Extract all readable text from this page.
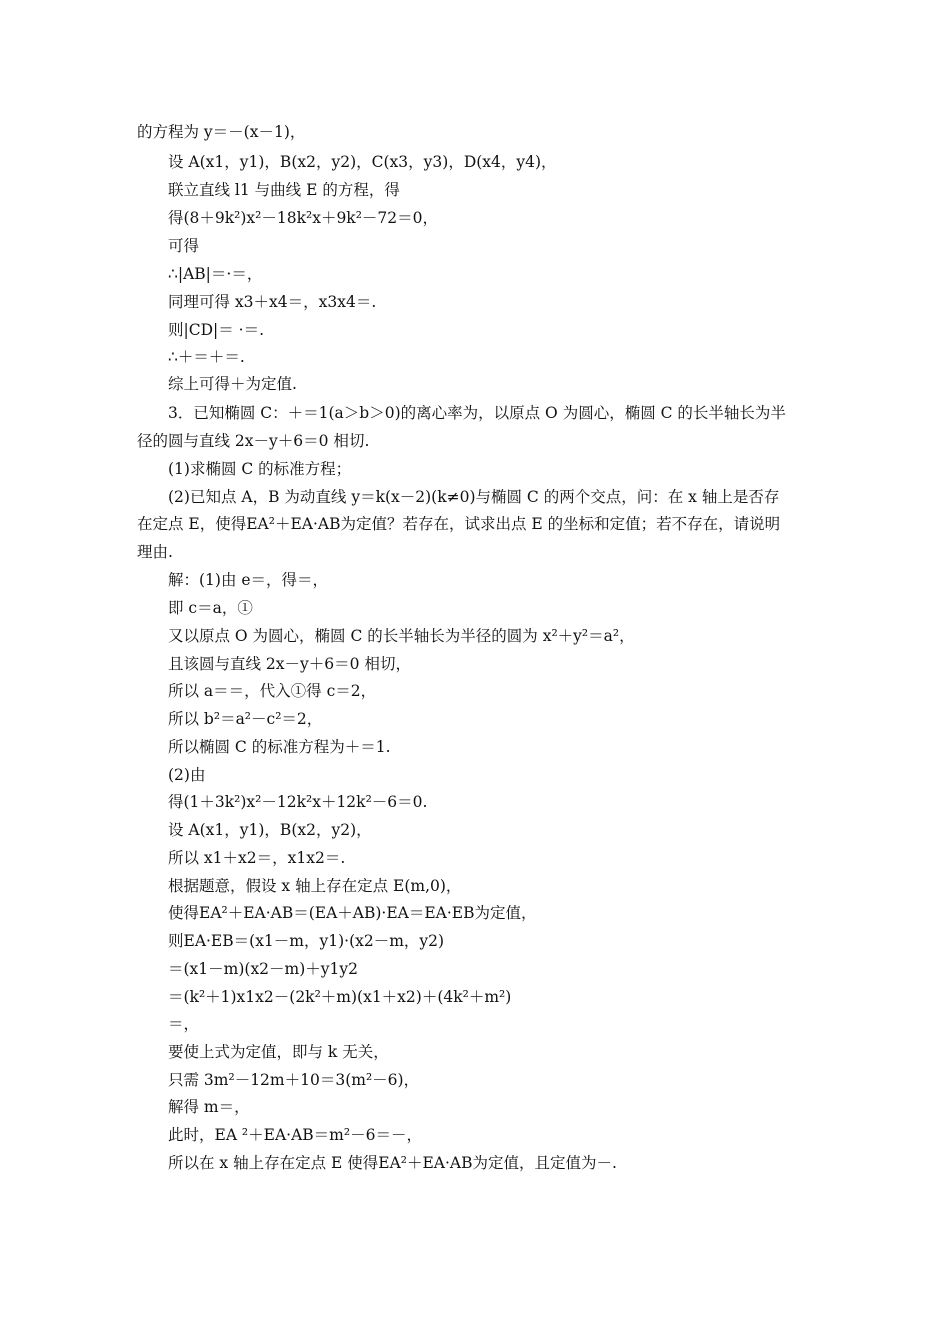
的方程为 y＝－(x－1)，
设 A(x1，y1)，B(x2，y2)，C(x3，y3)，D(x4，y4)，
联立直线 l1 与曲线 E 的方程，得
得(8＋9k²)x²－18k²x＋9k²－72＝0，
可得
∴|AB|＝·＝，
同理可得 x3＋x4＝，x3x4＝.
则|CD|＝ ·＝.
∴＋＝＋＝.
综上可得＋为定值.
3．已知椭圆 C：＋＝1(a＞b＞0)的离心率为，以原点 O 为圆心，椭圆 C 的长半轴长为半
径的圆与直线 2x－y＋6＝0 相切.
(1)求椭圆 C 的标准方程；
(2)已知点 A，B 为动直线 y＝k(x－2)(k≠0)与椭圆 C 的两个交点，问：在 x 轴上是否存
在定点 E，使得EA²＋EA·AB为定值？若存在，试求出点 E 的坐标和定值；若不存在，请说明
理由.
解：(1)由 e＝，得＝，
即 c＝a，①
又以原点 O 为圆心，椭圆 C 的长半轴长为半径的圆为 x²＋y²＝a²，
且该圆与直线 2x－y＋6＝0 相切，
所以 a＝＝，代入①得 c＝2，
所以 b²＝a²－c²＝2，
所以椭圆 C 的标准方程为＋＝1.
(2)由
得(1＋3k²)x²－12k²x＋12k²－6＝0.
设 A(x1，y1)，B(x2，y2)，
所以 x1＋x2＝，x1x2＝.
根据题意，假设 x 轴上存在定点 E(m,0)，
使得EA²＋EA·AB＝(EA＋AB)·EA＝EA·EB为定值，
则EA·EB＝(x1－m，y1)·(x2－m，y2)
＝(x1－m)(x2－m)＋y1y2
＝(k²＋1)x1x2－(2k²＋m)(x1＋x2)＋(4k²＋m²)
＝，
要使上式为定值，即与 k 无关，
只需 3m²－12m＋10＝3(m²－6)，
解得 m＝，
此时，EA ²＋EA·AB＝m²－6＝－，
所以在 x 轴上存在定点 E 使得EA²＋EA·AB为定值，且定值为－.
